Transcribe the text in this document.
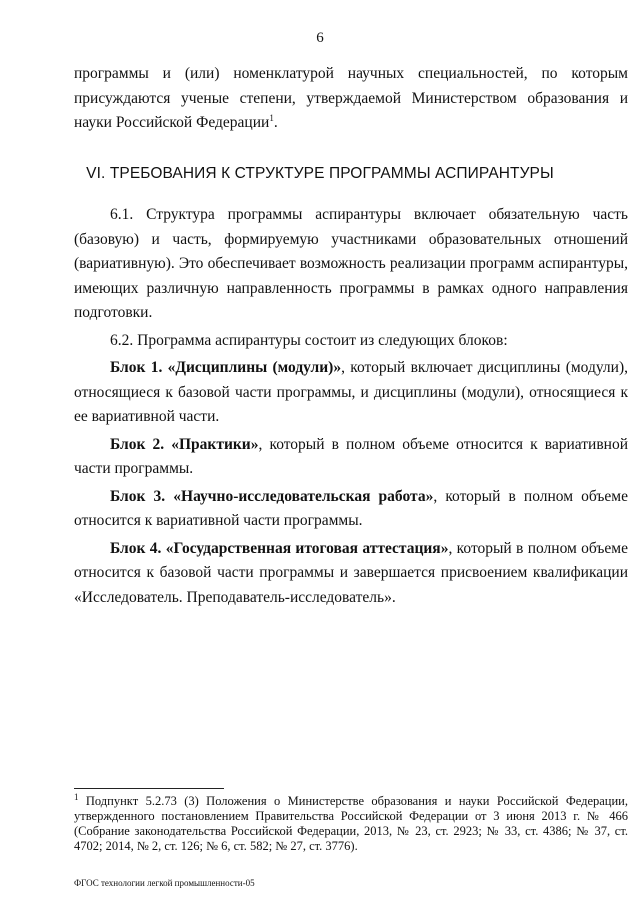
6

программы и (или) номенклатурой научных специальностей, по которым присуждаются ученые степени, утверждаемой Министерством образования и науки Российской Федерации$^1$.

VI. ТРЕБОВАНИЯ К СТРУКТУРЕ ПРОГРАММЫ АСПИРАНТУРЫ

6.1. Структура программы аспирантуры включает обязательную часть (базовую) и часть, формируемую участниками образовательных отношений (вариативную). Это обеспечивает возможность реализации программ аспирантуры, имеющих различную направленность программы в рамках одного направления подготовки.

6.2. Программа аспирантуры состоит из следующих блоков:

Блок 1. «Дисциплины (модули)», который включает дисциплины (модули), относящиеся к базовой части программы, и дисциплины (модули), относящиеся к ее вариативной части.

Блок 2. «Практики», который в полном объеме относится к вариативной части программы.

Блок 3. «Научно-исследовательская работа», который в полном объеме относится к вариативной части программы.

Блок 4. «Государственная итоговая аттестация», который в полном объеме относится к базовой части программы и завершается присвоением квалификации «Исследователь. Преподаватель-исследователь».

$^1$ Подпункт 5.2.73 (3) Положения о Министерстве образования и науки Российской Федерации, утвержденного постановлением Правительства Российской Федерации от 3 июня 2013 г. № 466 (Собрание законодательства Российской Федерации, 2013, № 23, ст. 2923; № 33, ст. 4386; № 37, ст. 4702; 2014, № 2, ст. 126; № 6, ст. 582; № 27, ст. 3776).

ФГОС технологии легкой промышленности-05
